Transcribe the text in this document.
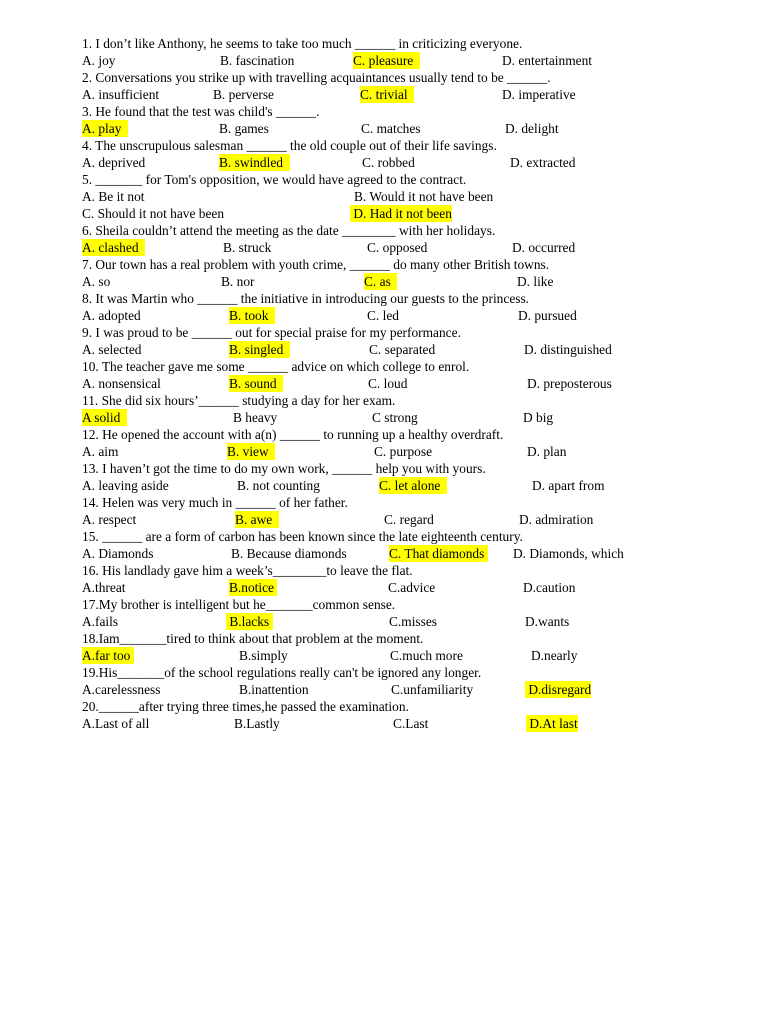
1. I don’t like Anthony, he seems to take too much ______ in criticizing everyone.
A. joy	B. fascination	C. pleasure	D. entertainment
2. Conversations you strike up with travelling acquaintances usually tend to be ______.
A. insufficient	B. perverse	C. trivial	D. imperative
3. He found that the test was child's ______.
A. play	B. games	C. matches	D. delight
4. The unscrupulous salesman ______ the old couple out of their life savings.
A. deprived	B. swindled	C. robbed	D. extracted
5. _______ for Tom's opposition, we would have agreed to the contract.
A. Be it not	B. Would it not have been
C. Should it not have been	D. Had it not been
6. Sheila couldn’t attend the meeting as the date ________ with her holidays.
A. clashed	B. struck	C. opposed	D. occurred
7. Our town has a real problem with youth crime, ______ do many other British towns.
A. so	B. nor	C. as	D. like
8. It was Martin who ______ the initiative in introducing our guests to the princess.
A. adopted	B. took	C. led	D. pursued
9. I was proud to be ______ out for special praise for my performance.
A. selected	B. singled	C. separated	D. distinguished
10. The teacher gave me some ______ advice on which college to enrol.
A. nonsensical	B. sound	C. loud	D. preposterous
11. She did six hours’______ studying a day for her exam.
A solid	B heavy	C strong	D big
12. He opened the account with a(n) ______ to running up a healthy overdraft.
A. aim	B. view	C. purpose	D. plan
13. I haven’t got the time to do my own work, ______ help you with yours.
A. leaving aside	B. not counting	C. let alone	D. apart from
14. Helen was very much in ______ of her father.
A. respect	B. awe	C. regard	D. admiration
15. ______ are a form of carbon has been known since the late eighteenth century.
A. Diamonds	B. Because diamonds	C. That diamonds D. Diamonds, which
16. His landlady gave him a week’s________to leave the flat.
A.threat	B.notice	C.advice	D.caution
17.My brother is intelligent but he_______common sense.
A.fails	B.lacks	C.misses	D.wants
18.Iam_______tired to think about that problem at the moment.
A.far too	B.simply	C.much more	D.nearly
19.His_______of the school regulations really can't be ignored any longer.
A.carelessness	B.inattention	C.unfamiliarity	D.disregard
20.______after trying three times,he passed the examination.
A.Last of all	B.Lastly	C.Last	D.At last
